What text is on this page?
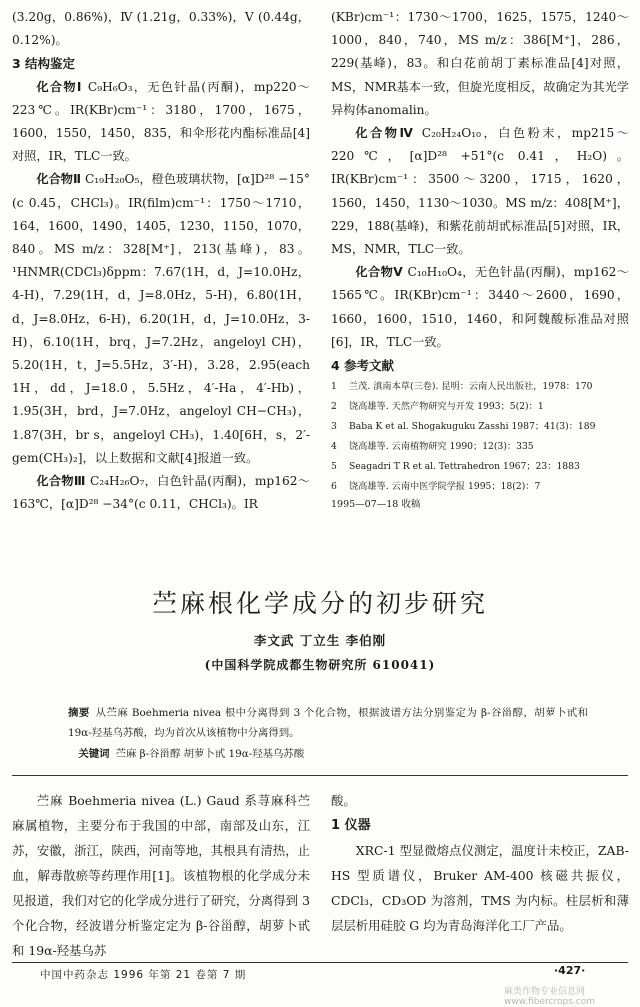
(3.20g，0.86%)，Ⅳ (1.21g，0.33%)，Ⅴ (0.44g，0.12%)。

3 结构鉴定

化合物Ⅰ C₉H₆O₃，无色针晶(丙酮)，mp220～223℃。IR(KBr)cm⁻¹：3180，1700，1675，1600，1550，1450，835，和伞形花内酯标准品[4]对照，IR，TLC一致。

化合物Ⅱ C₁₉H₂₀O₅，橙色玻璃状物，[α]D²⁸ −15°(c 0.45，CHCl₃)。IR(film)cm⁻¹：1750～1710，164，1600，1490，1405，1230，1150，1070，840。MS m/z：328[M⁺]，213(基峰)，83。¹HNMR(CDCl₃)δppm：7.67(1H，d，J=10.0Hz，4-H)，7.29(1H，d，J=8.0Hz，5-H)，6.80(1H，d，J=8.0Hz，6-H)，6.20(1H，d，J=10.0Hz，3-H)，6.10(1H，brq，J=7.2Hz，angeloyl CH)，5.20(1H，t，J=5.5Hz，3′-H)，3.28，2.95(each 1H，dd，J=18.0，5.5Hz，4′-Ha，4′-Hb)，1.95(3H，brd，J=7.0Hz，angeloyl CH−CH₃)，1.87(3H，br s，angeloyl CH₃)，1.40[6H，s，2′-gem(CH₃)₂]，以上数据和文献[4]报道一致。

化合物Ⅲ C₂₄H₂₆O₇，白色针晶(丙酮)，mp162～163℃，[α]D²⁸ −34°(c 0.11，CHCl₃)。IR

(KBr)cm⁻¹：1730～1700，1625，1575，1240～1000，840，740，MS m/z：386[M⁺]，286，229(基峰)，83。和白花前胡丁素标准品[4]对照，MS，NMR基本一致，但旋光度相反，故确定为其光学异构体anomalin。

化合物Ⅳ C₂₀H₂₄O₁₀，白色粉末，mp215～220℃，[α]D²⁸ +51°(c 0.41，H₂O)。IR(KBr)cm⁻¹：3500～3200，1715，1620，1560，1450，1130～1030。MS m/z：408[M⁺]，229，188(基峰)，和紫花前胡甙标准品[5]对照，IR，MS，NMR，TLC一致。

化合物Ⅴ C₁₀H₁₀O₄，无色针晶(丙酮)，mp162～1565℃。IR(KBr)cm⁻¹：3440～2600，1690，1660，1600，1510，1460，和阿魏酸标准品对照[6]，IR，TLC一致。

4 参考文献

1	兰茂. 滇南本草(三卷). 昆明：云南人民出版社，1978：170
2	饶高雄等. 天然产物研究与开发 1993；5(2)：1
3	Baba K et al. Shogakuguku Zasshi 1987；41(3)：189
4	饶高雄等. 云南植物研究 1990；12(3)：335
5	Seagadri T R et al. Tettrahedron 1967；23：1883
6	饶高雄等. 云南中医学院学报 1995；18(2)：7

1995—07—18 收稿

苎麻根化学成分的初步研究
李文武 丁立生 李伯刚
(中国科学院成都生物研究所 610041)

摘要 从苎麻 Boehmeria nivea 根中分离得到 3 个化合物，根据波谱方法分别鉴定为 β-谷甾醇，胡萝卜甙和 19α-羟基乌苏酸，均为首次从该植物中分离得到。

关键词 苎麻 β-谷甾醇 胡萝卜甙 19α-羟基乌苏酸

苎麻 Boehmeria nivea (L.) Gaud 系荨麻科苎麻属植物，主要分布于我国的中部，南部及山东，江苏，安徽，浙江，陕西，河南等地，其根具有清热，止血，解毒散瘀等药理作用[1]。该植物根的化学成分未见报道，我们对它的化学成分进行了研究，分离得到 3 个化合物，经波谱分析鉴定定为 β-谷甾醇，胡萝卜甙和 19α-羟基乌苏

酸。

1 仪器

XRC-1 型显微熔点仪测定，温度计未校正，ZAB-HS 型质谱仪，Bruker AM-400 核磁共振仪，CDCl₃，CD₃OD 为溶剂，TMS 为内标。柱层析和薄层层析用硅胶 G 均为青岛海洋化工厂产品。

中国中药杂志 1996 年第 21 卷第 7 期	·427·
麻类作物专业信息网 www.fibercrops.com
